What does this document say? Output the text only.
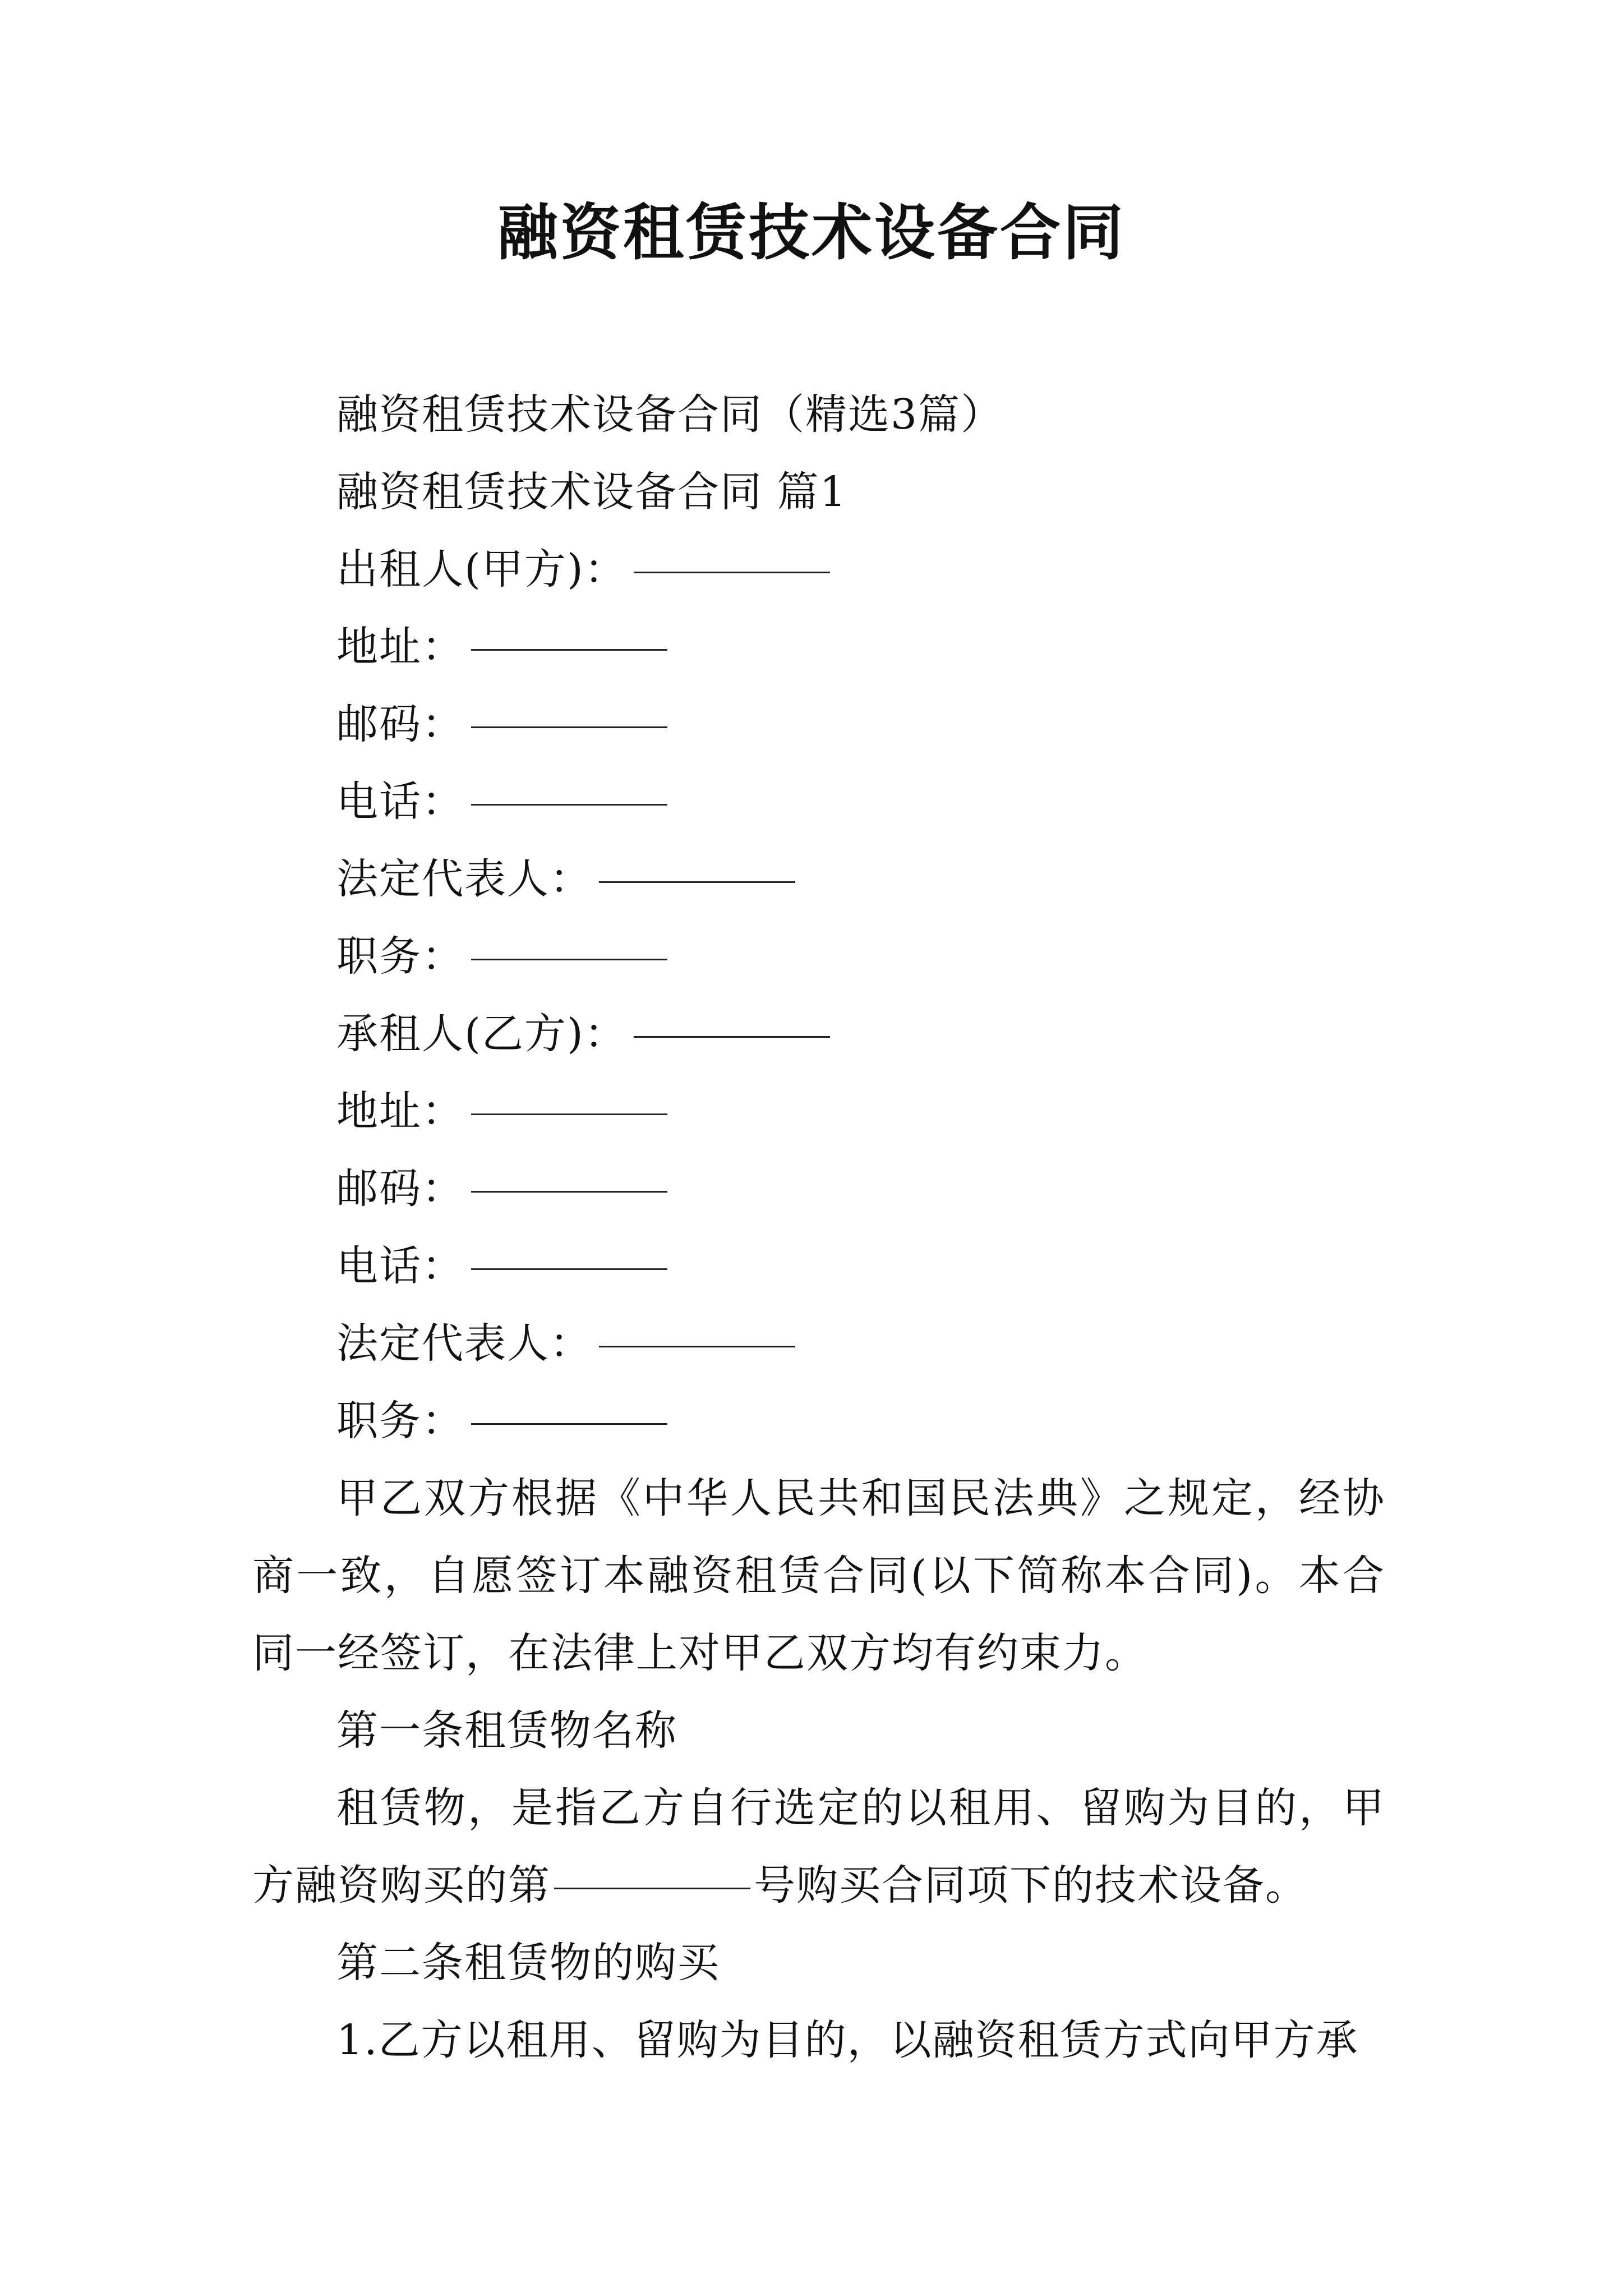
融资租赁技术设备合同
融资租赁技术设备合同（精选3篇）
融资租赁技术设备合同 篇1
出租人(甲方)：
地址：
邮码：
电话：
法定代表人：
职务：
承租人(乙方)：
地址：
邮码：
电话：
法定代表人：
职务：
甲乙双方根据《中华人民共和国民法典》之规定，经协商一致，自愿签订本融资租赁合同(以下简称本合同)。本合同一经签订，在法律上对甲乙双方均有约束力。
第一条租赁物名称
租赁物，是指乙方自行选定的以租用、留购为目的，甲方融资购买的第	号购买合同项下的技术设备。
第二条租赁物的购买
1.乙方以租用、留购为目的，以融资租赁方式向甲方承
